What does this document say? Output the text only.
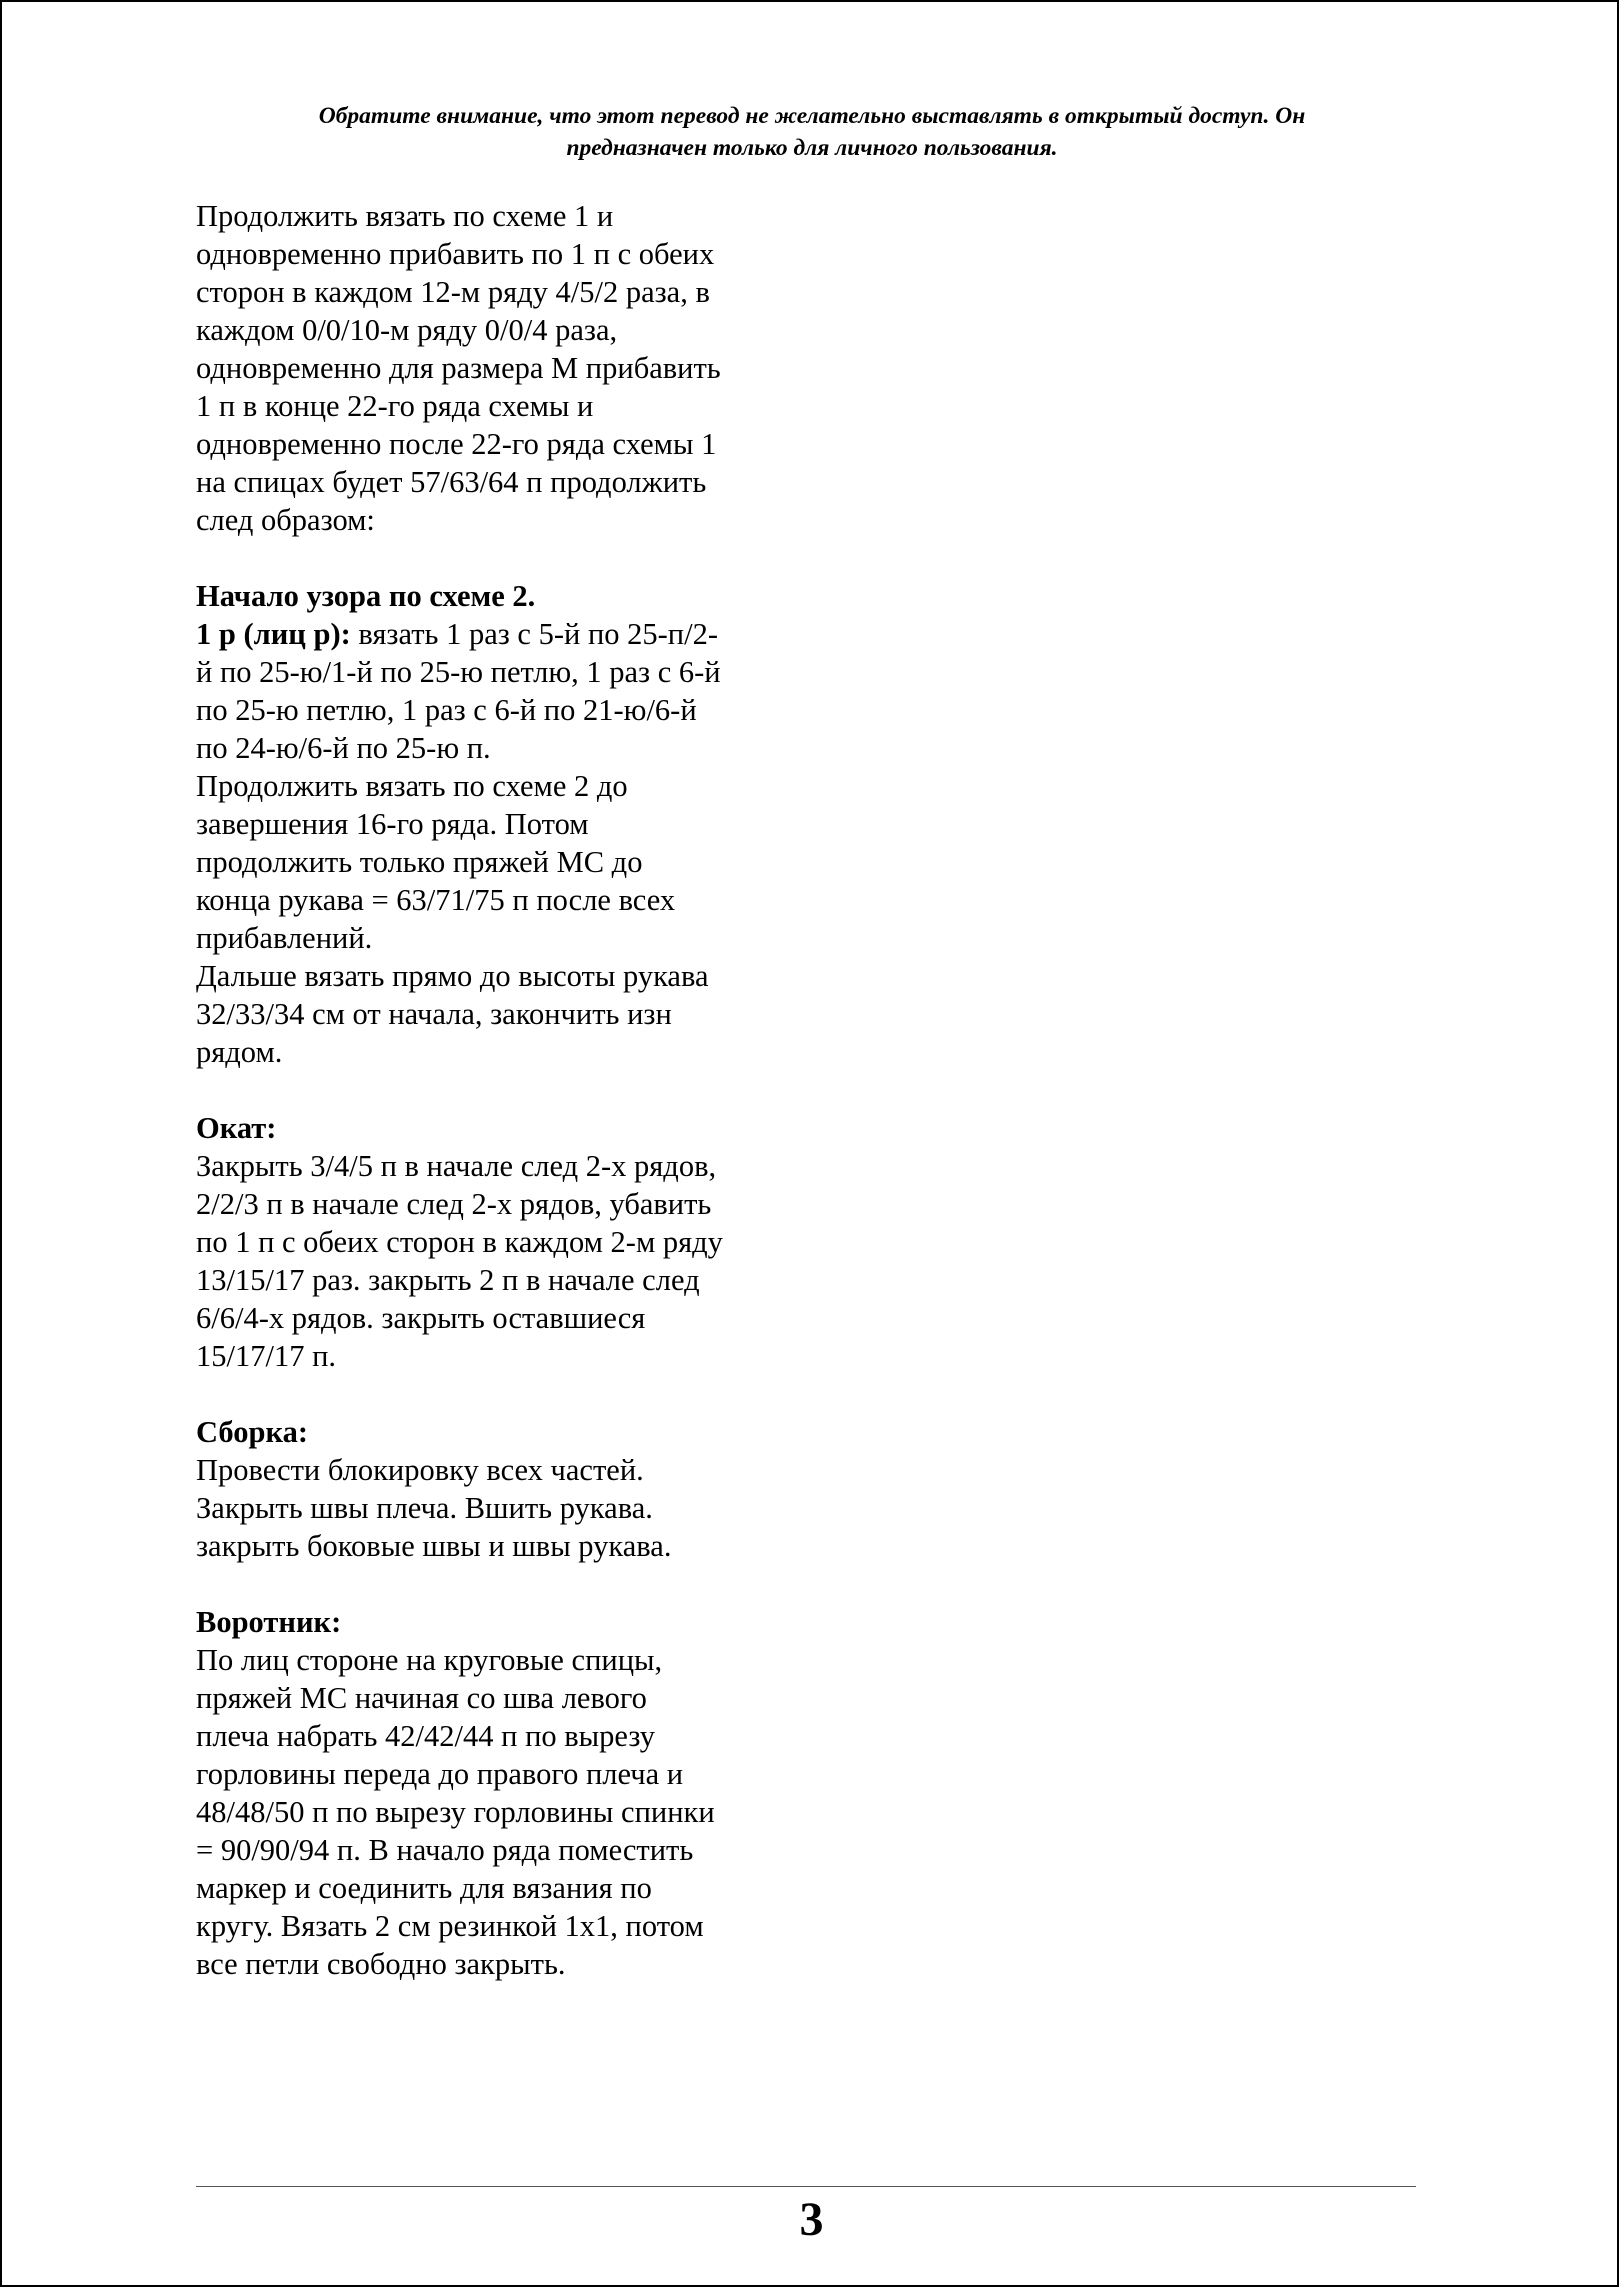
Обратите внимание, что этот перевод не желательно выставлять в открытый доступ. Он
предназначен только для личного пользования.
Продолжить вязать по схеме 1 и
одновременно прибавить по 1 п с обеих
сторон в каждом 12-м ряду 4/5/2 раза, в
каждом 0/0/10-м ряду 0/0/4 раза,
одновременно для размера М прибавить
1 п в конце 22-го ряда схемы и
одновременно после 22-го ряда схемы 1
на спицах будет 57/63/64 п продолжить
след образом:
Начало узора по схеме 2.
1 р (лиц р): вязать 1 раз с 5-й по 25-п/2-
й по 25-ю/1-й по 25-ю петлю, 1 раз с 6-й
по 25-ю петлю, 1 раз с 6-й по 21-ю/6-й
по 24-ю/6-й по 25-ю п.
Продолжить вязать по схеме 2 до
завершения 16-го ряда. Потом
продолжить только пряжей МС до
конца рукава = 63/71/75 п после всех
прибавлений.
Дальше вязать прямо до высоты рукава
32/33/34 см от начала, закончить изн
рядом.
Окат:
Закрыть 3/4/5 п в начале след 2-х рядов,
2/2/3 п в начале след 2-х рядов, убавить
по 1 п с обеих сторон в каждом 2-м ряду
13/15/17 раз. закрыть 2 п в начале след
6/6/4-х рядов. закрыть оставшиеся
15/17/17 п.
Сборка:
Провести блокировку всех частей.
Закрыть швы плеча. Вшить рукава.
закрыть боковые швы и швы рукава.
Воротник:
По лиц стороне на круговые спицы,
пряжей МС начиная со шва левого
плеча набрать 42/42/44 п по вырезу
горловины переда до правого плеча и
48/48/50 п по вырезу горловины спинки
= 90/90/94 п. В начало ряда поместить
маркер и соединить для вязания по
кругу. Вязать 2 см резинкой 1х1, потом
все петли свободно закрыть.
3
